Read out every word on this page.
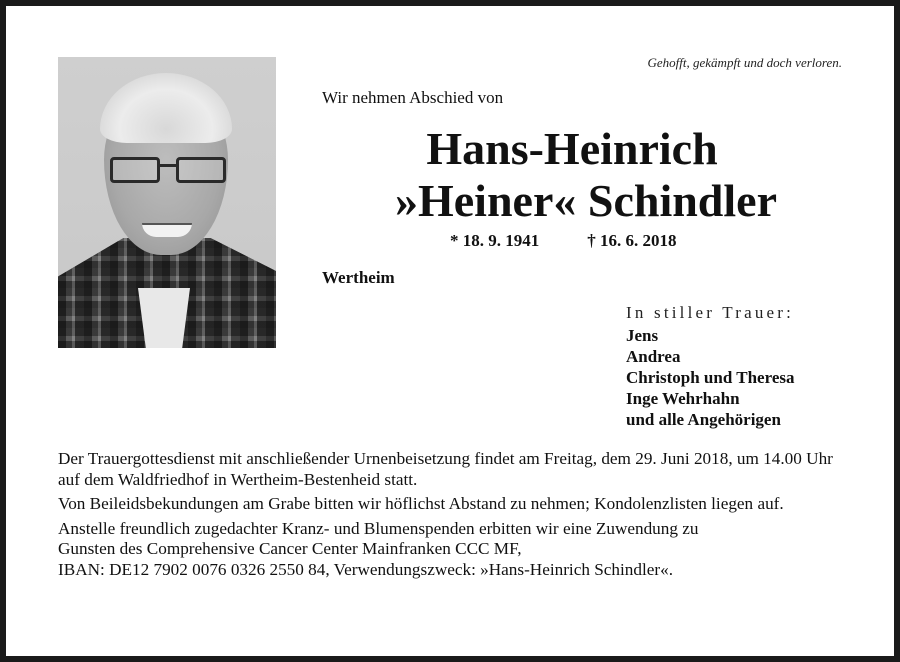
Gehofft, gekämpft und doch verloren.
Wir nehmen Abschied von
Hans-Heinrich
»Heiner« Schindler
* 18. 9. 1941	† 16. 6. 2018
Wertheim
In stiller Trauer:
Jens
Andrea
Christoph und Theresa
Inge Wehrhahn
und alle Angehörigen

Der Trauergottesdienst mit anschließender Urnenbeisetzung findet am Freitag, dem 29. Juni 2018, um 14.00 Uhr auf dem Waldfriedhof in Wertheim-Bestenheid statt.

Von Beileidsbekundungen am Grabe bitten wir höflichst Abstand zu nehmen; Kondolenzlisten liegen auf.

Anstelle freundlich zugedachter Kranz- und Blumenspenden erbitten wir eine Zuwendung zu
Gunsten des Comprehensive Cancer Center Mainfranken CCC MF,
IBAN: DE12 7902 0076 0326 2550 84, Verwendungszweck: »Hans-Heinrich Schindler«.
